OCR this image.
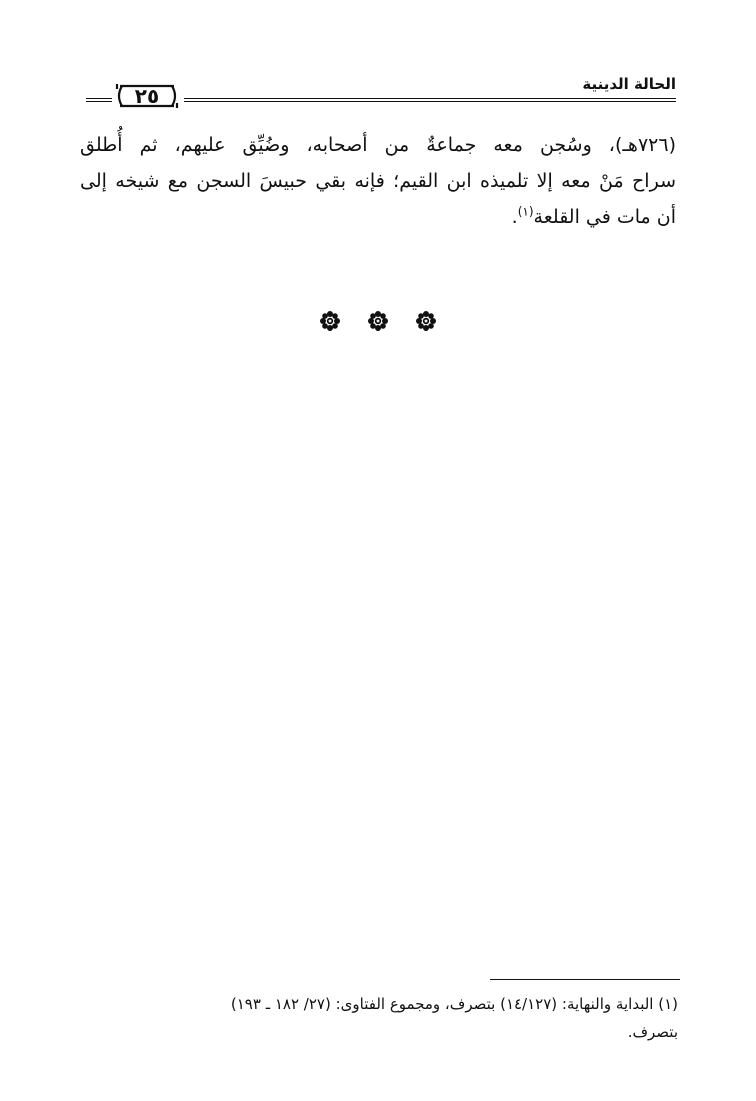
الحالة الدينية
٢٥
(٧٢٦هـ)، وسُجن معه جماعةٌ من أصحابه، وضُيِّق عليهم، ثم أُطلق
سراح مَنْ معه إلا تلميذه ابن القيم؛ فإنه بقي حبيسَ السجن مع شيخه إلى
أن مات في القلعة$^{(١)}$.

(١) البداية والنهاية: (١٤/١٢٧) بتصرف، ومجموع الفتاوى: (٢٧/ ١٨٢ ـ ١٩٣)
بتصرف.
